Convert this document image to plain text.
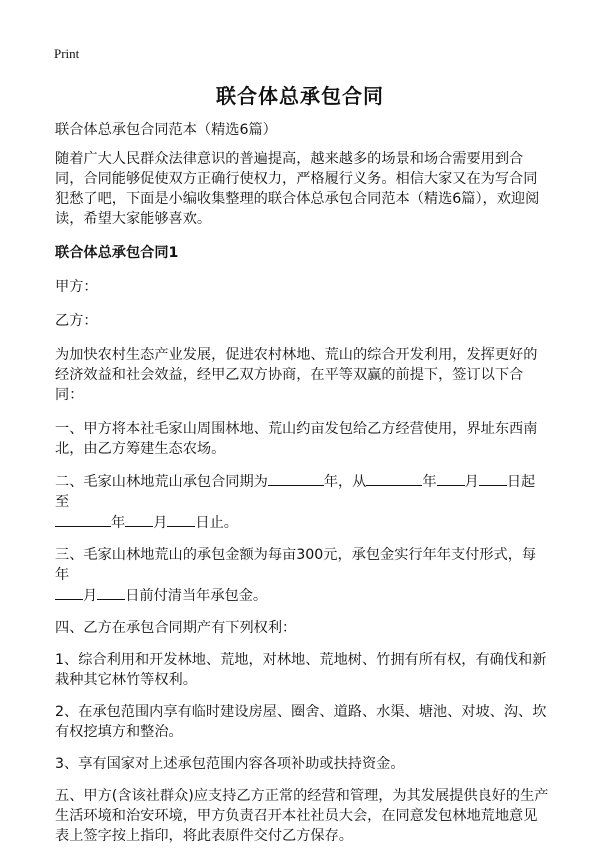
Print
联合体总承包合同

联合体总承包合同范本（精选6篇）

随着广大人民群众法律意识的普遍提高，越来越多的场景和场合需要用到合同，合同能够促使双方正确行使权力，严格履行义务。相信大家又在为写合同犯愁了吧，下面是小编收集整理的联合体总承包合同范本（精选6篇），欢迎阅读，希望大家能够喜欢。

联合体总承包合同1

甲方：

乙方：

为加快农村生态产业发展，促进农村林地、荒山的综合开发利用，发挥更好的经济效益和社会效益，经甲乙双方协商，在平等双赢的前提下，签订以下合同：

一、甲方将本社毛家山周围林地、荒山约亩发包给乙方经营使用，界址东西南北，由乙方筹建生态农场。

二、毛家山林地荒山承包合同期为	年，从	年 月 日起至
年 月 日止。

三、毛家山林地荒山的承包金额为每亩300元，承包金实行年年支付形式，每年
月 日前付清当年承包金。

四、乙方在承包合同期产有下列权利：

1、综合利用和开发林地、荒地，对林地、荒地树、竹拥有所有权，有确伐和新栽种其它林竹等权利。

2、在承包范围内享有临时建设房屋、圈舍、道路、水渠、塘池、对坡、沟、坎有权挖填方和整治。

3、享有国家对上述承包范围内容各项补助或扶持资金。

五、甲方(含该社群众)应支持乙方正常的经营和管理，为其发展提供良好的生产生活环境和治安环境，甲方负责召开本社社员大会，在同意发包林地荒地意见表上签字按上指印，将此表原件交付乙方保存。
